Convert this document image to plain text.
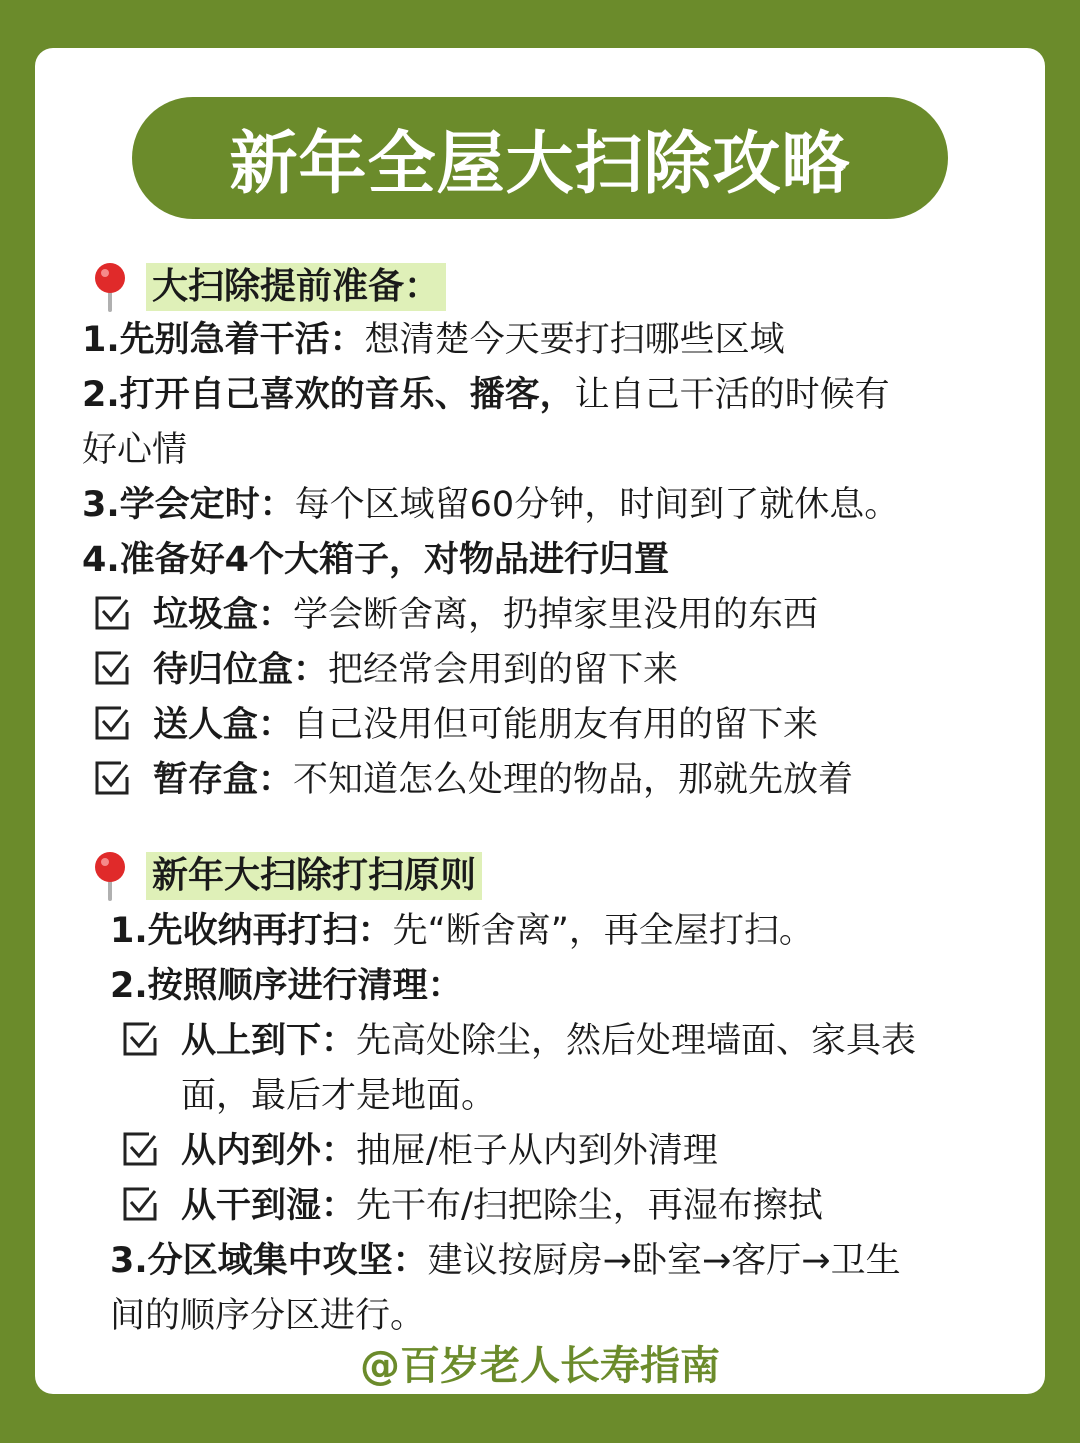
新年全屋大扫除攻略
大扫除提前准备：
1.先别急着干活：想清楚今天要打扫哪些区域
2.打开自己喜欢的音乐、播客，让自己干活的时候有
好心情
3.学会定时：每个区域留60分钟，时间到了就休息。
4.准备好4个大箱子，对物品进行归置
垃圾盒：学会断舍离，扔掉家里没用的东西
待归位盒：把经常会用到的留下来
送人盒：自己没用但可能朋友有用的留下来
暂存盒：不知道怎么处理的物品，那就先放着
新年大扫除打扫原则
1.先收纳再打扫：先“断舍离”，再全屋打扫。
2.按照顺序进行清理：
从上到下：先高处除尘，然后处理墙面、家具表
面，最后才是地面。
从内到外：抽屉/柜子从内到外清理
从干到湿：先干布/扫把除尘，再湿布擦拭
3.分区域集中攻坚：建议按厨房→卧室→客厅→卫生
间的顺序分区进行。
@百岁老人长寿指南
